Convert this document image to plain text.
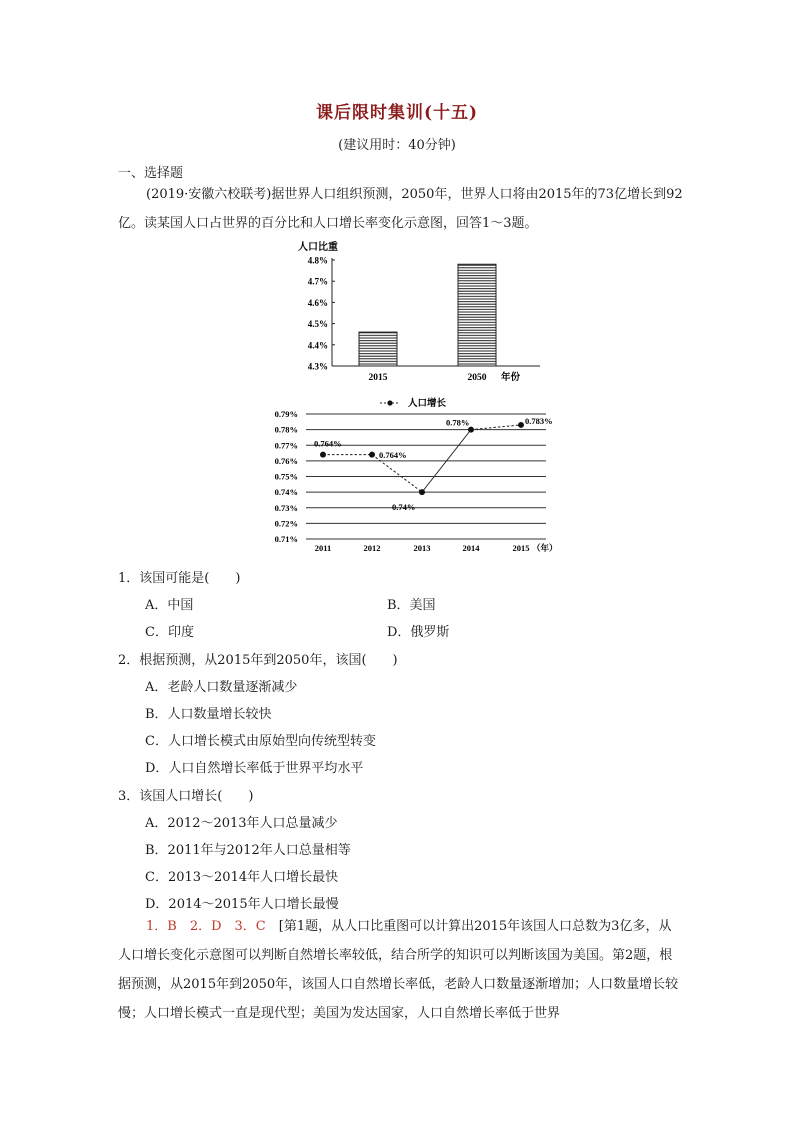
课后限时集训(十五)
(建议用时：40分钟)
一、选择题
(2019·安徽六校联考)据世界人口组织预测，2050年，世界人口将由2015年的73亿增长到92亿。读某国人口占世界的百分比和人口增长率变化示意图，回答1～3题。
人口比重
4.3%
4.4%
4.5%
4.6%
4.7%
4.8%
2015	2050 年份
人口增长
0.71%
0.72%
0.73%
0.74%
0.75%
0.76%
0.77%
0.78%
0.79%
2011	2012	2013	2014	2015
0.764%
0.764%
0.74%
0.78%	0.783%
（年）
1．该国可能是(　　)
A．中国	B．美国
C．印度	D．俄罗斯
2．根据预测，从2015年到2050年，该国(　　)
A．老龄人口数量逐渐减少
B．人口数量增长较快
C．人口增长模式由原始型向传统型转变
D．人口自然增长率低于世界平均水平
3．该国人口增长(　　)
A．2012～2013年人口总量减少
B．2011年与2012年人口总量相等
C．2013～2014年人口增长最快
D．2014～2015年人口增长最慢
1．B　2．D　3．C　[第1题，从人口比重图可以计算出2015年该国人口总数为3亿多，从人口增长变化示意图可以判断自然增长率较低，结合所学的知识可以判断该国为美国。第2题，根据预测，从2015年到2050年，该国人口自然增长率低，老龄人口数量逐渐增加；人口数量增长较慢；人口增长模式一直是现代型；美国为发达国家，人口自然增长率低于世界
